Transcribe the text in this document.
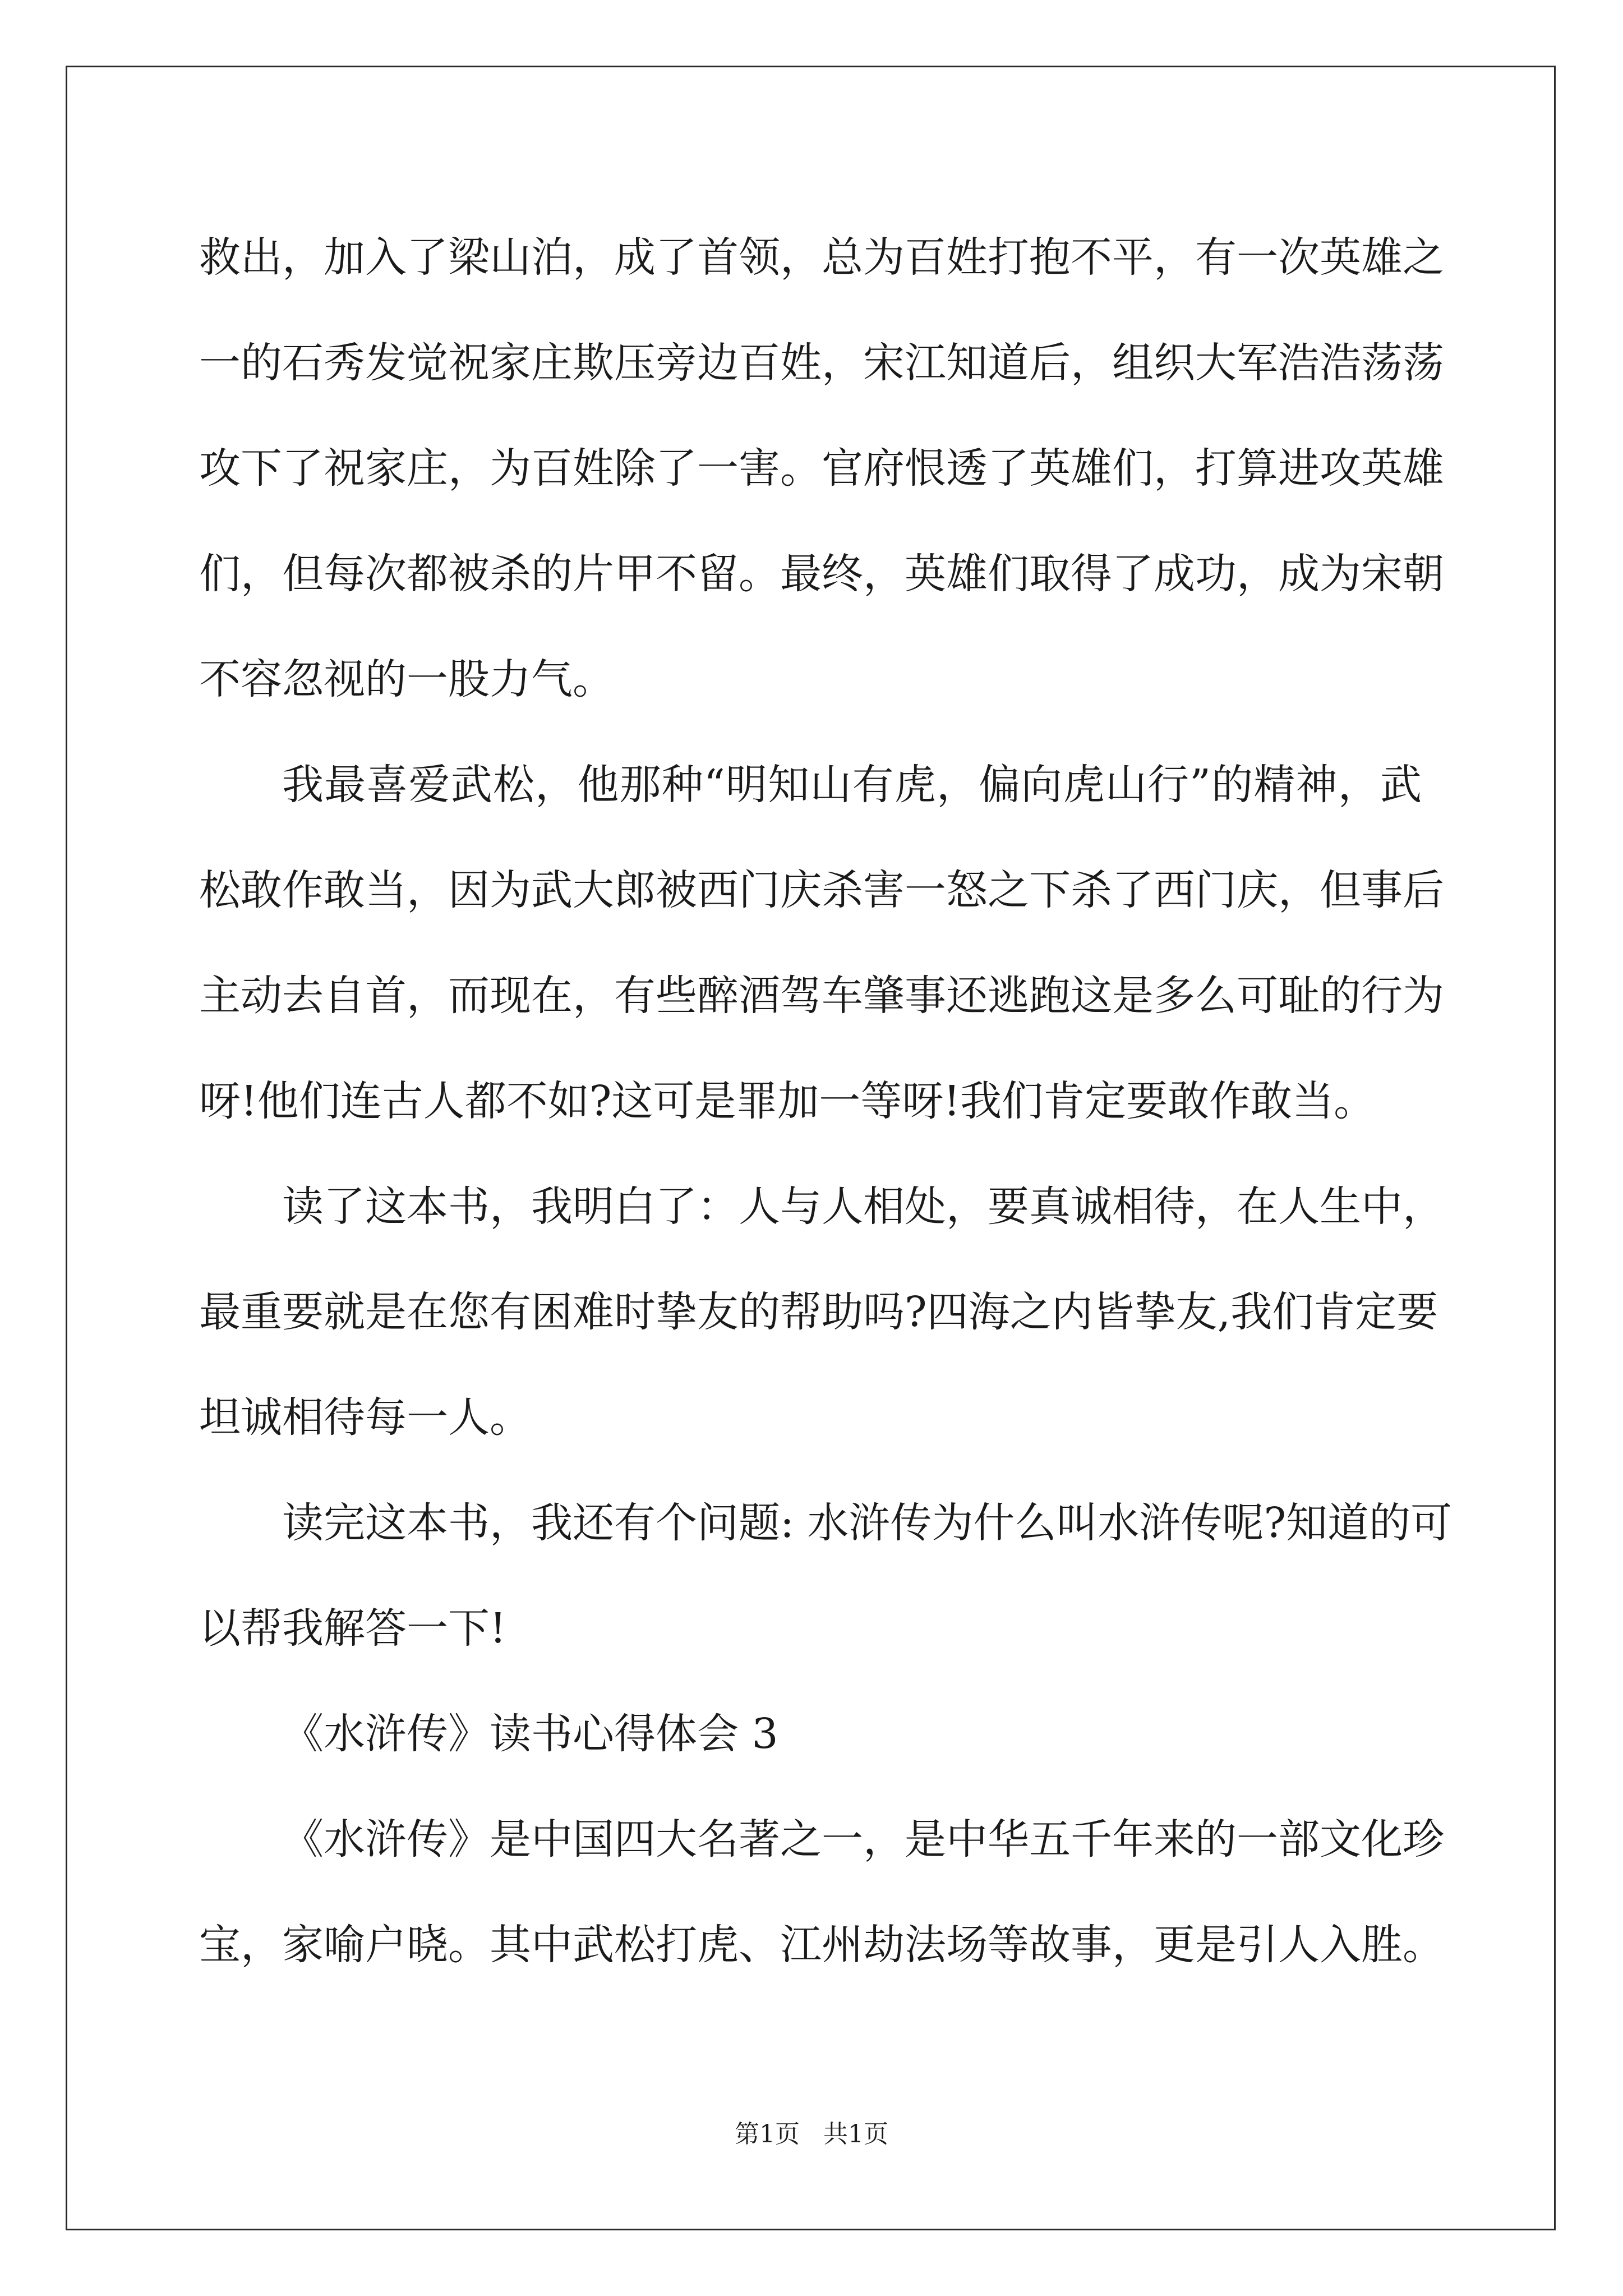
救出，加入了梁山泊，成了首领，总为百姓打抱不平，有一次英雄之
一的石秀发觉祝家庄欺压旁边百姓，宋江知道后，组织大军浩浩荡荡
攻下了祝家庄，为百姓除了一害。官府恨透了英雄们，打算进攻英雄
们，但每次都被杀的片甲不留。最终，英雄们取得了成功，成为宋朝
不容忽视的一股力气。
我最喜爱武松，他那种“明知山有虎，偏向虎山行”的精神，武
松敢作敢当，因为武大郎被西门庆杀害一怒之下杀了西门庆，但事后
主动去自首，而现在，有些醉酒驾车肇事还逃跑这是多么可耻的行为
呀!他们连古人都不如?这可是罪加一等呀!我们肯定要敢作敢当。
读了这本书，我明白了：人与人相处，要真诚相待，在人生中，
最重要就是在您有困难时挚友的帮助吗?四海之内皆挚友,我们肯定要
坦诚相待每一人。
读完这本书，我还有个问题: 水浒传为什么叫水浒传呢?知道的可
以帮我解答一下!
《水浒传》读书心得体会 3
《水浒传》是中国四大名著之一，是中华五千年来的一部文化珍
宝，家喻户晓。其中武松打虎、江州劫法场等故事，更是引人入胜。
第1页 共1页
